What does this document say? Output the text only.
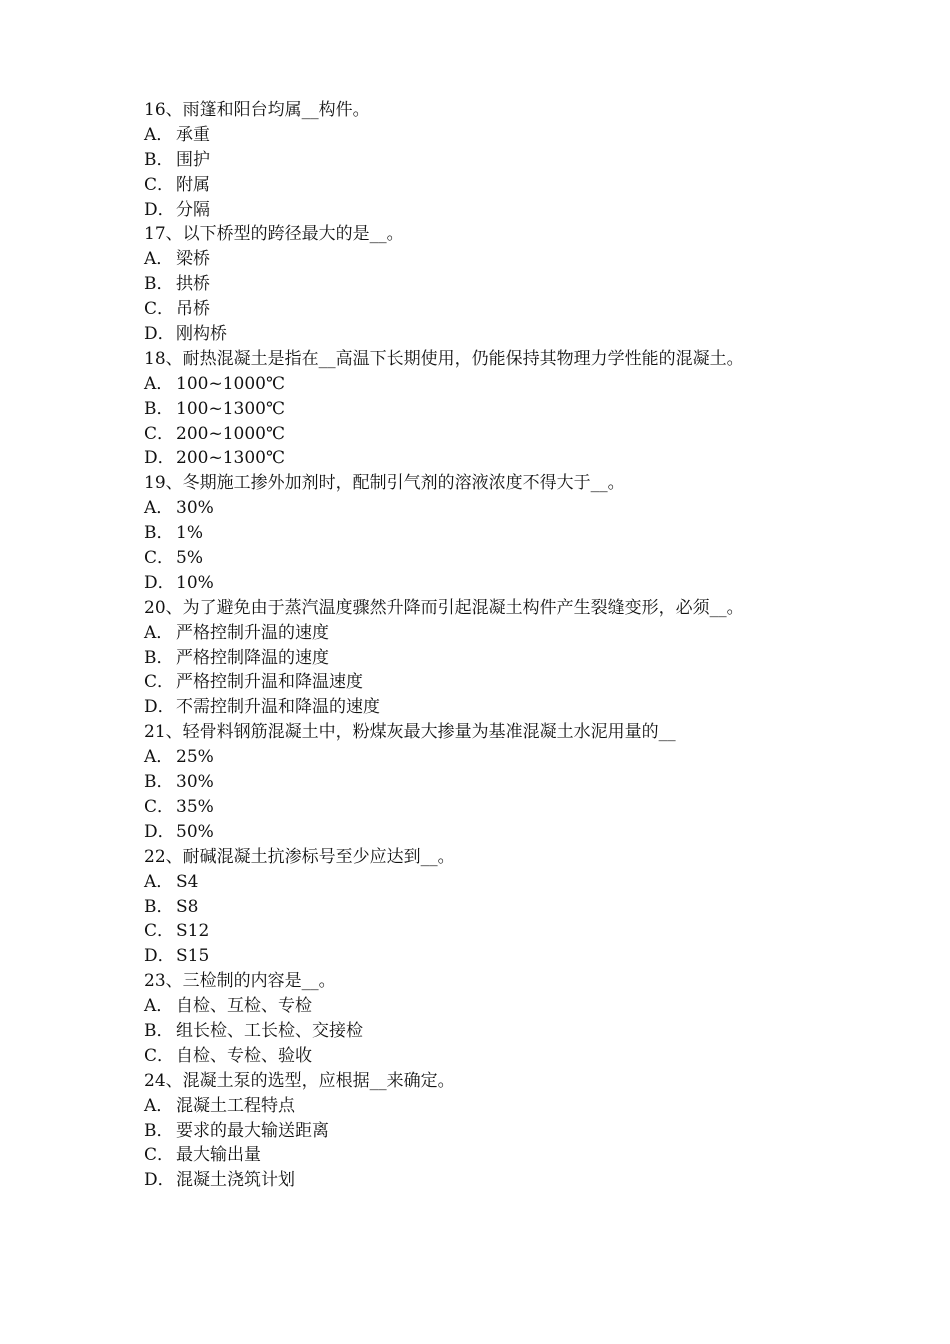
16、雨篷和阳台均属__构件。
A． 承重
B． 围护
C． 附属
D．分隔
17、以下桥型的跨径最大的是__。
A． 梁桥
B． 拱桥
C． 吊桥
D．刚构桥
18、耐热混凝土是指在__高温下长期使用，仍能保持其物理力学性能的混凝土。
A． 100~1000℃
B． 100~1300℃
C． 200~1000℃
D．200~1300℃
19、冬期施工掺外加剂时，配制引气剂的溶液浓度不得大于__。
A． 30%
B． 1%
C． 5%
D．10%
20、为了避免由于蒸汽温度骤然升降而引起混凝土构件产生裂缝变形，必须__。
A． 严格控制升温的速度
B． 严格控制降温的速度
C． 严格控制升温和降温速度
D．不需控制升温和降温的速度
21、轻骨料钢筋混凝土中，粉煤灰最大掺量为基准混凝土水泥用量的__
A． 25%
B． 30%
C． 35%
D．50%
22、耐碱混凝土抗渗标号至少应达到__。
A． S4
B． S8
C． S12
D．S15
23、三检制的内容是__。
A． 自检、互检、专检
B． 组长检、工长检、交接检
C． 自检、专检、验收
24、混凝土泵的选型，应根据__来确定。
A． 混凝土工程特点
B． 要求的最大输送距离
C． 最大输出量
D．混凝土浇筑计划
